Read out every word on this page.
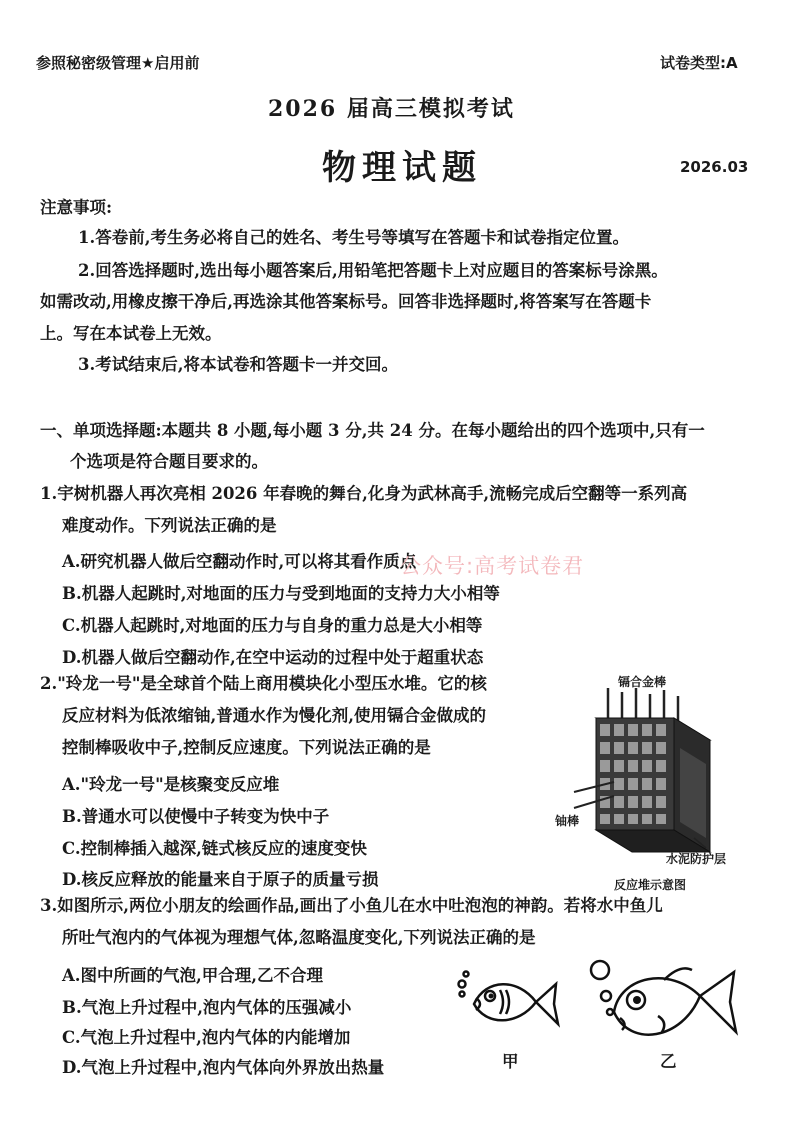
参照秘密级管理★启用前	试卷类型:A
2026 届高三模拟考试
物理试题	2026.03
注意事项:
1.答卷前,考生务必将自己的姓名、考生号等填写在答题卡和试卷指定位置。
2.回答选择题时,选出每小题答案后,用铅笔把答题卡上对应题目的答案标号涂黑。
如需改动,用橡皮擦干净后,再选涂其他答案标号。回答非选择题时,将答案写在答题卡
上。写在本试卷上无效。
3.考试结束后,将本试卷和答题卡一并交回。
一、单项选择题:本题共 8 小题,每小题 3 分,共 24 分。在每小题给出的四个选项中,只有一
个选项是符合题目要求的。
1.宇树机器人再次亮相 2026 年春晚的舞台,化身为武林高手,流畅完成后空翻等一系列高
难度动作。下列说法正确的是
A.研究机器人做后空翻动作时,可以将其看作质点
公众号:高考试卷君
B.机器人起跳时,对地面的压力与受到地面的支持力大小相等
C.机器人起跳时,对地面的压力与自身的重力总是大小相等
D.机器人做后空翻动作,在空中运动的过程中处于超重状态
2."玲龙一号"是全球首个陆上商用模块化小型压水堆。它的核
反应材料为低浓缩铀,普通水作为慢化剂,使用镉合金做成的
控制棒吸收中子,控制反应速度。下列说法正确的是
A."玲龙一号"是核聚变反应堆
B.普通水可以使慢中子转变为快中子
C.控制棒插入越深,链式核反应的速度变快
D.核反应释放的能量来自于原子的质量亏损
镉合金棒
铀棒
水泥防护层
反应堆示意图
3.如图所示,两位小朋友的绘画作品,画出了小鱼儿在水中吐泡泡的神韵。若将水中鱼儿
所吐气泡内的气体视为理想气体,忽略温度变化,下列说法正确的是
A.图中所画的气泡,甲合理,乙不合理
B.气泡上升过程中,泡内气体的压强减小
C.气泡上升过程中,泡内气体的内能增加
D.气泡上升过程中,泡内气体向外界放出热量	甲	乙
